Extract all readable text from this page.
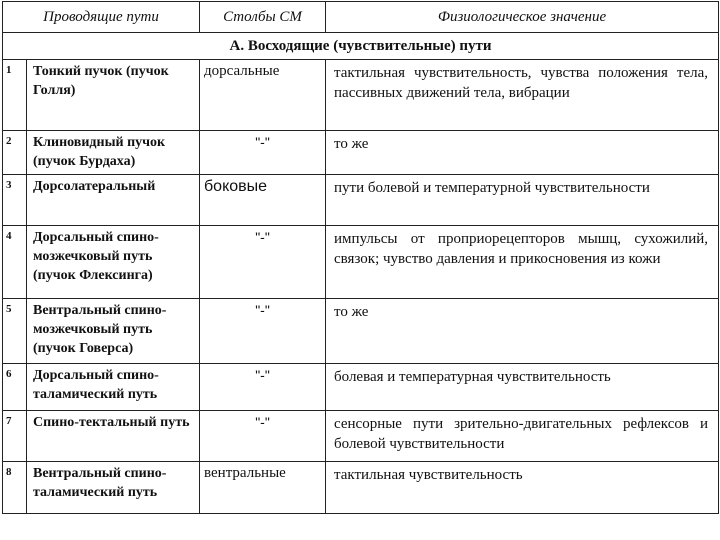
Проводящие пути		Столбы СМ	Физиологическое значение
А. Восходящие (чувствительные) пути			
1	Тонкий пучок (пучок Голля)	дорсальные	тактильная чувствительность, чувства положения тела, пассивных движений тела, вибрации
2	Клиновидный пучок (пучок Бурдаха)	"-"	то же
3	Дорсолатеральный	боковые	пути болевой и температурной чувствительности
4	Дорсальный спино-мозжечковый путь (пучок Флексинга)	"-"	импульсы от проприорецепторов мышц, сухожилий, связок; чувство давления и прикосновения из кожи
5	Вентральный спино-мозжечковый путь (пучок Говерса)	"-"	то же
6	Дорсальный спино-таламический путь	"-"	болевая и температурная чувствительность
7	Спино-тектальный путь	"-"	сенсорные пути зрительно-двигательных рефлексов и болевой чувствительности
8	Вентральный спино-таламический путь	вентральные	тактильная чувствительность
